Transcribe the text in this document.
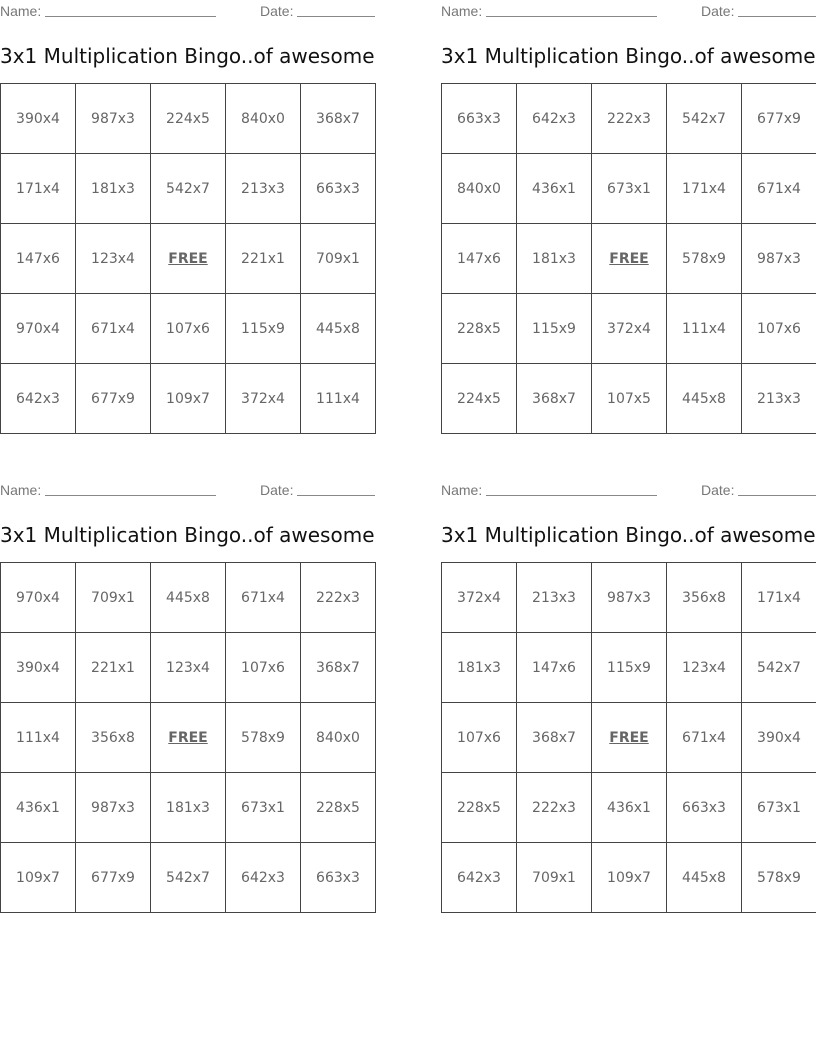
Name:	Date:
3x1 Multiplication Bingo..of awesome
390x4	987x3	224x5	840x0	368x7
171x4	181x3	542x7	213x3	663x3
147x6	123x4	FREE	221x1	709x1
970x4	671x4	107x6	115x9	445x8
642x3	677x9	109x7	372x4	111x4
Name:	Date:
3x1 Multiplication Bingo..of awesome
663x3	642x3	222x3	542x7	677x9
840x0	436x1	673x1	171x4	671x4
147x6	181x3	FREE	578x9	987x3
228x5	115x9	372x4	111x4	107x6
224x5	368x7	107x5	445x8	213x3
Name:	Date:
3x1 Multiplication Bingo..of awesome
970x4	709x1	445x8	671x4	222x3
390x4	221x1	123x4	107x6	368x7
111x4	356x8	FREE	578x9	840x0
436x1	987x3	181x3	673x1	228x5
109x7	677x9	542x7	642x3	663x3
Name:	Date:
3x1 Multiplication Bingo..of awesome
372x4	213x3	987x3	356x8	171x4
181x3	147x6	115x9	123x4	542x7
107x6	368x7	FREE	671x4	390x4
228x5	222x3	436x1	663x3	673x1
642x3	709x1	109x7	445x8	578x9
